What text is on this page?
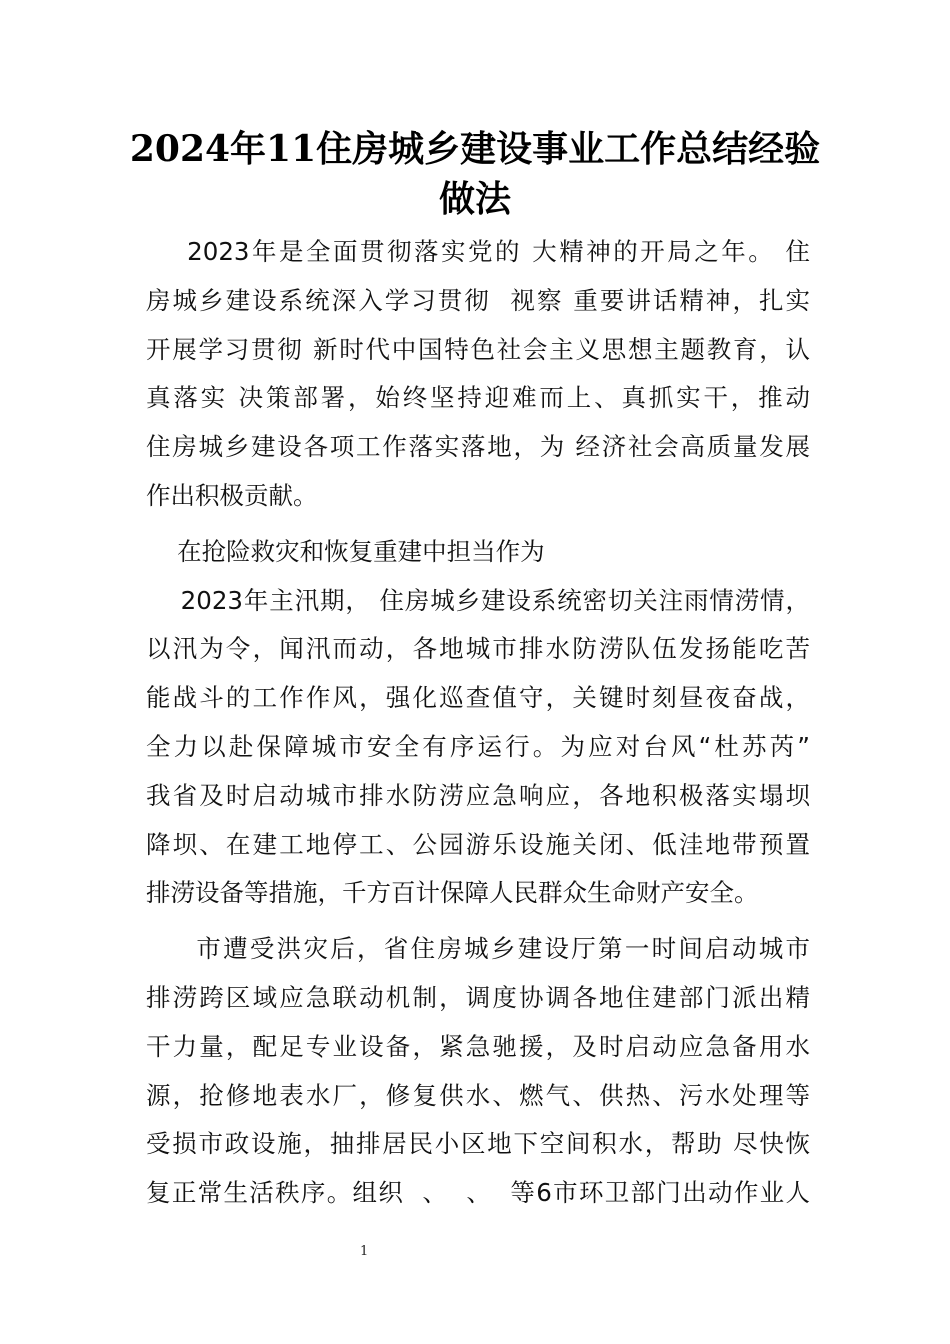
2024年11住房城乡建设事业工作总结经验
做法
2023年是全面贯彻落实党的 大精神的开局之年。 住
房城乡建设系统深入学习贯彻  视察 重要讲话精神，扎实
开展学习贯彻 新时代中国特色社会主义思想主题教育，认
真落实 决策部署，始终坚持迎难而上、真抓实干，推动
住房城乡建设各项工作落实落地，为 经济社会高质量发展
作出积极贡献。
在抢险救灾和恢复重建中担当作为
2023年主汛期， 住房城乡建设系统密切关注雨情涝情，
以汛为令，闻汛而动，各地城市排水防涝队伍发扬能吃苦
能战斗的工作作风，强化巡查值守，关键时刻昼夜奋战，
全力以赴保障城市安全有序运行。为应对台风“杜苏芮”
我省及时启动城市排水防涝应急响应，各地积极落实塌坝
降坝、在建工地停工、公园游乐设施关闭、低洼地带预置
排涝设备等措施，千方百计保障人民群众生命财产安全。
市遭受洪灾后，省住房城乡建设厅第一时间启动城市
排涝跨区域应急联动机制，调度协调各地住建部门派出精
干力量，配足专业设备，紧急驰援，及时启动应急备用水
源，抢修地表水厂，修复供水、燃气、供热、污水处理等
受损市政设施，抽排居民小区地下空间积水，帮助 尽快恢
复正常生活秩序。组织  、  、  等6市环卫部门出动作业人
1
